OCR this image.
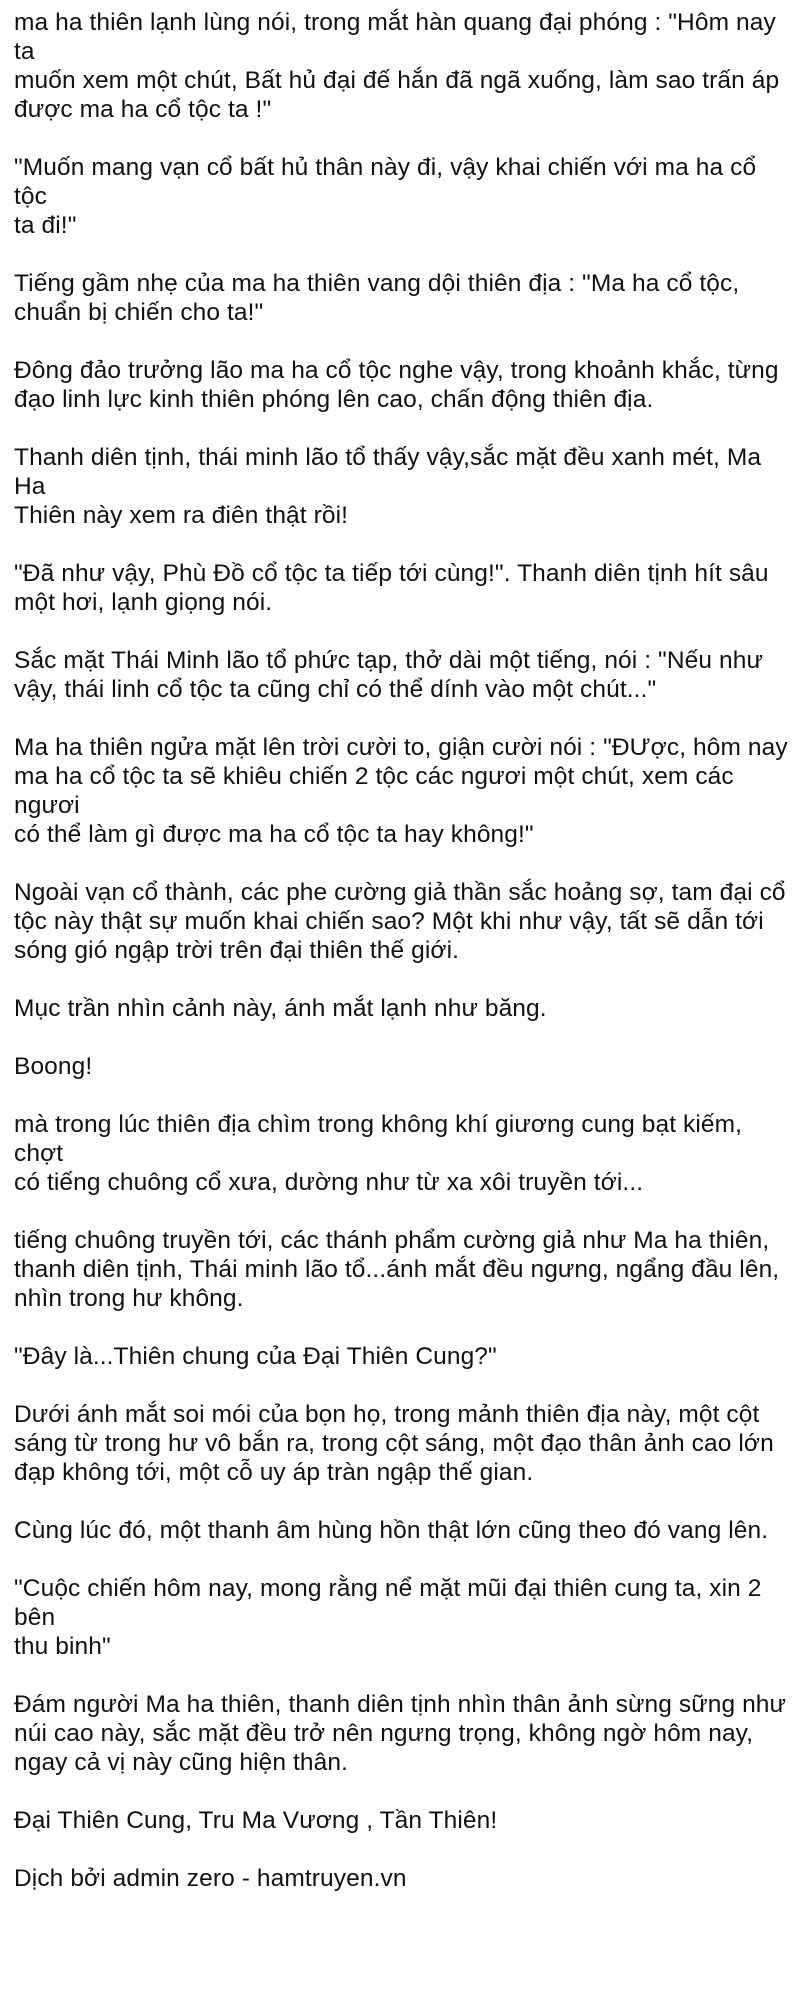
ma ha thiên lạnh lùng nói, trong mắt hàn quang đại phóng : "Hôm nay ta
muốn xem một chút, Bất hủ đại đế hắn đã ngã xuống, làm sao trấn áp
được ma ha cổ tộc ta !"

"Muốn mang vạn cổ bất hủ thân này đi, vậy khai chiến với ma ha cổ tộc
ta đi!"

Tiếng gầm nhẹ của ma ha thiên vang dội thiên địa : "Ma ha cổ tộc,
chuẩn bị chiến cho ta!"

Đông đảo trưởng lão ma ha cổ tộc nghe vậy, trong khoảnh khắc, từng
đạo linh lực kinh thiên phóng lên cao, chấn động thiên địa.

Thanh diên tịnh, thái minh lão tổ thấy vậy,sắc mặt đều xanh mét, Ma Ha
Thiên này xem ra điên thật rồi!

"Đã như vậy, Phù Đồ cổ tộc ta tiếp tới cùng!". Thanh diên tịnh hít sâu
một hơi, lạnh giọng nói.

Sắc mặt Thái Minh lão tổ phức tạp, thở dài một tiếng, nói : "Nếu như
vậy, thái linh cổ tộc ta cũng chỉ có thể dính vào một chút..."

Ma ha thiên ngửa mặt lên trời cười to, giận cười nói : "ĐƯợc, hôm nay
ma ha cổ tộc ta sẽ khiêu chiến 2 tộc các ngươi một chút, xem các ngươi
có thể làm gì được ma ha cổ tộc ta hay không!"

Ngoài vạn cổ thành, các phe cường giả thần sắc hoảng sợ, tam đại cổ
tộc này thật sự muốn khai chiến sao? Một khi như vậy, tất sẽ dẫn tới
sóng gió ngập trời trên đại thiên thế giới.

Mục trần nhìn cảnh này, ánh mắt lạnh như băng.

Boong!

mà trong lúc thiên địa chìm trong không khí giương cung bạt kiếm, chợt
có tiếng chuông cổ xưa, dường như từ xa xôi truyền tới...

tiếng chuông truyền tới, các thánh phẩm cường giả như Ma ha thiên,
thanh diên tịnh, Thái minh lão tổ...ánh mắt đều ngưng, ngẩng đầu lên,
nhìn trong hư không.

"Đây là...Thiên chung của Đại Thiên Cung?"

Dưới ánh mắt soi mói của bọn họ, trong mảnh thiên địa này, một cột
sáng từ trong hư vô bắn ra, trong cột sáng, một đạo thân ảnh cao lớn
đạp không tới, một cỗ uy áp tràn ngập thế gian.

Cùng lúc đó, một thanh âm hùng hồn thật lớn cũng theo đó vang lên.

"Cuộc chiến hôm nay, mong rằng nể mặt mũi đại thiên cung ta, xin 2 bên
thu binh"

Đám người Ma ha thiên, thanh diên tịnh nhìn thân ảnh sừng sững như
núi cao này, sắc mặt đều trở nên ngưng trọng, không ngờ hôm nay,
ngay cả vị này cũng hiện thân.

Đại Thiên Cung, Tru Ma Vương , Tần Thiên!

Dịch bởi admin zero - hamtruyen.vn
